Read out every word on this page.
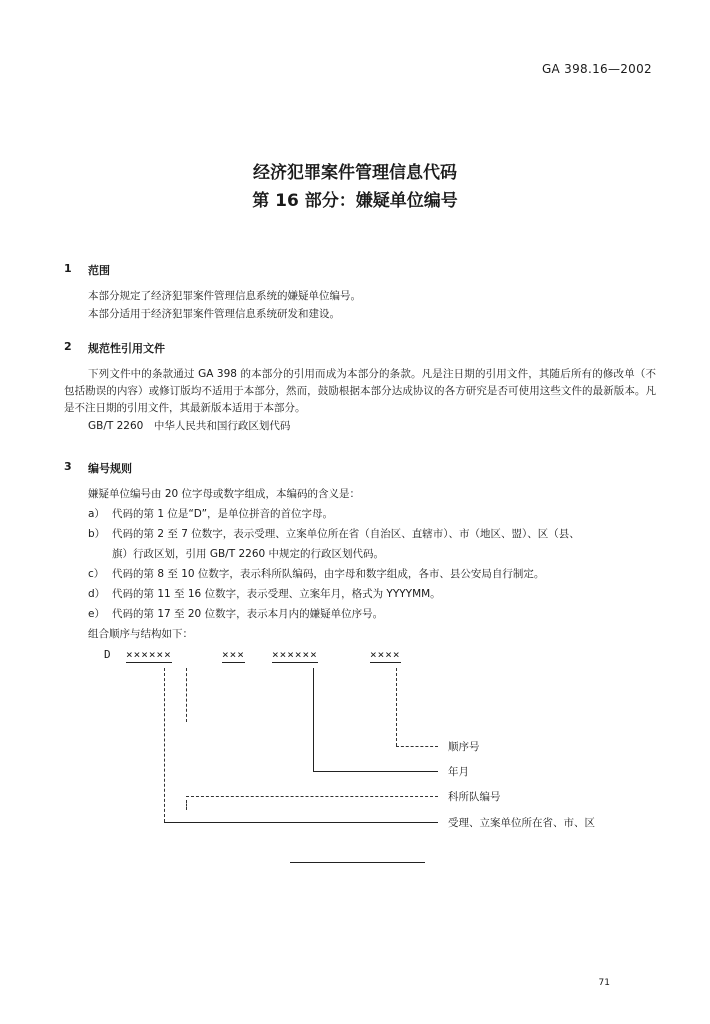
GA 398.16—2002
经济犯罪案件管理信息代码
第 16 部分：嫌疑单位编号
1 范围
本部分规定了经济犯罪案件管理信息系统的嫌疑单位编号。
本部分适用于经济犯罪案件管理信息系统研发和建设。
2 规范性引用文件
下列文件中的条款通过 GA 398 的本部分的引用而成为本部分的条款。凡是注日期的引用文件，其随后所有的修改单（不包括勘误的内容）或修订版均不适用于本部分，然而，鼓励根据本部分达成协议的各方研究是否可使用这些文件的最新版本。凡是不注日期的引用文件，其最新版本适用于本部分。
GB/T 2260　中华人民共和国行政区划代码
3 编号规则
嫌疑单位编号由 20 位字母或数字组成，本编码的含义是：
a） 代码的第 1 位是“D”，是单位拼音的首位字母。
b） 代码的第 2 至 7 位数字，表示受理、立案单位所在省（自治区、直辖市）、市（地区、盟）、区（县、
旗）行政区划，引用 GB/T 2260 中规定的行政区划代码。
c） 代码的第 8 至 10 位数字，表示科所队编码，由字母和数字组成，各市、县公安局自行制定。
d） 代码的第 11 至 16 位数字，表示受理、立案年月，格式为 YYYYMM。
e） 代码的第 17 至 20 位数字，表示本月内的嫌疑单位序号。
组合顺序与结构如下：
D ××××××	××× ××××××	××××
顺序号
年月
科所队编号
受理、立案单位所在省、市、区
71
